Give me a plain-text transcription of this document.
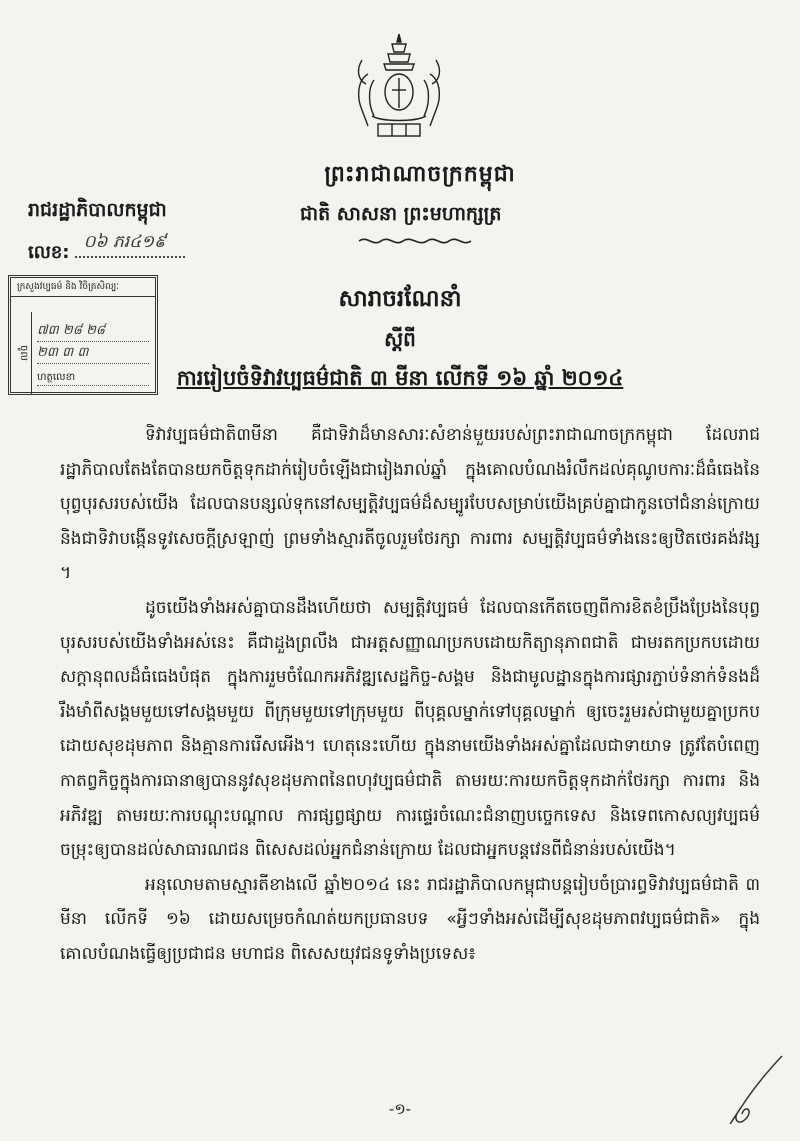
ព្រះរាជាណាចក្រកម្ពុជា
ជាតិ សាសនា ព្រះមហាក្សត្រ
រាជរដ្ឋាភិបាលកម្ពុជា
លេខ: ០៦ ភរ៤១៩
ក្រសួងវប្បធម៌ និង វិចិត្រសិល្បៈ
ចូល
៧៣ ២៨ ២៨
២៣ ៣ ៣
ហត្ថលេខា
សារាចរណែនាំ
ស្តីពី
ការរៀបចំទិវាវប្បធម៌ជាតិ ៣ មីនា លើកទី ១៦ ឆ្នាំ ២០១៤

ទិវាវប្បធម៌ជាតិ៣មីនា គឺជាទិវាដ៏មានសារៈសំខាន់មួយរបស់ព្រះរាជាណាចក្រកម្ពុជា ដែលរាជរដ្ឋាភិបាលតែងតែបានយកចិត្តទុកដាក់រៀបចំឡើងជារៀងរាល់ឆ្នាំ ក្នុងគោលបំណងរំលឹកដល់គុណូបការៈដ៏ធំធេងនៃបុព្វបុរសរបស់យើង ដែលបានបន្សល់ទុកនៅសម្បត្តិវប្បធម៌ដ៏សម្បូរបែបសម្រាប់យើងគ្រប់គ្នាជាកូនចៅជំនាន់ក្រោយ និងជាទិវាបង្កើនទូវសេចក្តីស្រឡាញ់ ព្រមទាំងស្មារតីចូលរួមថែរក្សា ការពារ សម្បត្តិវប្បធម៌ទាំងនេះឲ្យឋិតថេរគង់វង្ស ។

ដូចយើងទាំងអស់គ្នាបានដឹងហើយថា សម្បត្តិវប្បធម៌ ដែលបានកើតចេញពីការខិតខំប្រឹងប្រែងនៃបុព្វបុរសរបស់យើងទាំងអស់នេះ គឺជាដួងព្រលឹង ជាអត្តសញ្ញាណប្រកបដោយកិត្យានុភាពជាតិ ជាមរតកប្រកបដោយសក្តានុពលដ៏ធំធេងបំផុត ក្នុងការរួមចំណែកអភិវឌ្ឍសេដ្ឋកិច្ច-សង្គម និងជាមូលដ្ឋានក្នុងការផ្សារភ្ជាប់ទំនាក់ទំនងដ៏រឹងមាំពីសង្គមមួយទៅសង្គមមួយ ពីក្រុមមួយទៅក្រុមមួយ ពីបុគ្គលម្នាក់ទៅបុគ្គលម្នាក់ ឲ្យចេះរួមរស់ជាមួយគ្នាប្រកបដោយសុខដុមភាព និងគ្មានការរើសអើង។ ហេតុនេះហើយ ក្នុងនាមយើងទាំងអស់គ្នាដែលជាទាយាទ ត្រូវតែបំពេញកាតព្វកិច្ចក្នុងការធានាឲ្យបាននូវសុខដុមភាពនៃពហុវប្បធម៌ជាតិ តាមរយៈការយកចិត្តទុកដាក់ថែរក្សា ការពារ និងអភិវឌ្ឍ តាមរយៈការបណ្តុះបណ្តាល ការផ្សព្វផ្សាយ ការផ្ទេរចំណេះជំនាញបច្ចេកទេស និងទេពកោសល្យវប្បធម៌ចម្រុះឲ្យបានដល់សាធារណជន ពិសេសដល់អ្នកជំនាន់ក្រោយ ដែលជាអ្នកបន្តវេនពីជំនាន់របស់យើង។

អនុលោមតាមស្មារតីខាងលើ ឆ្នាំ២០១៤ នេះ រាជរដ្ឋាភិបាលកម្ពុជាបន្តរៀបចំប្រារព្ធទិវាវប្បធម៌ជាតិ ៣ មីនា លើកទី ១៦ ដោយសម្រេចកំណត់យកប្រធានបទ «អ្វីៗទាំងអស់ដើម្បីសុខដុមភាពវប្បធម៌ជាតិ» ក្នុងគោលបំណងធ្វើឲ្យប្រជាជន មហាជន ពិសេសយុវជនទូទាំងប្រទេស៖

-១-
